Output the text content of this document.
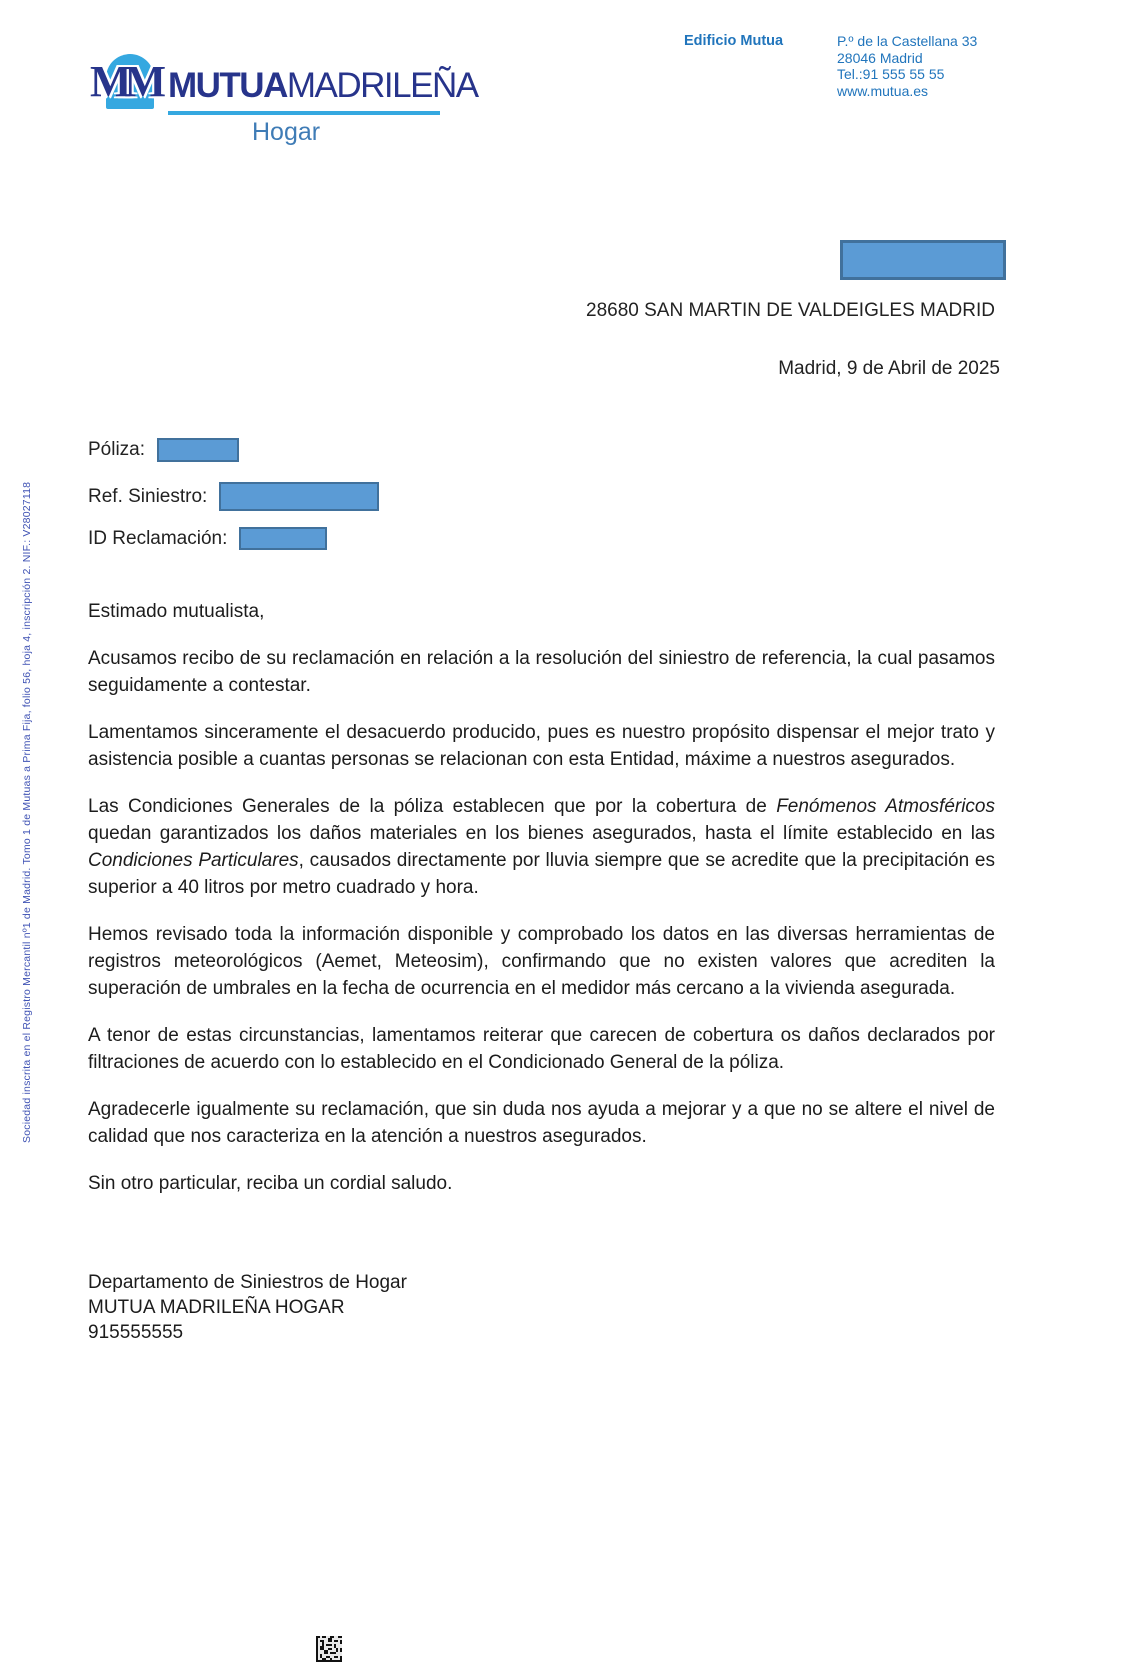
Sociedad inscrita en el Registro Mercantil nº1 de Madrid. Tomo 1 de Mutuas a Prima Fija, folio 56, hoja 4, inscripción 2. NIF.: V28027118
MM MUTUAMADRILEÑA
Hogar
Edificio Mutua	P.º de la Castellana 33
28046 Madrid
Tel.:91 555 55 55
www.mutua.es
28680 SAN MARTIN DE VALDEIGLES MADRID
Madrid, 9 de Abril de 2025
Póliza:
Ref. Siniestro:
ID Reclamación:

Estimado mutualista,

Acusamos recibo de su reclamación en relación a la resolución del siniestro de referencia, la cual pasamos seguidamente a contestar.

Lamentamos sinceramente el desacuerdo producido, pues es nuestro propósito dispensar el mejor trato y asistencia posible a cuantas personas se relacionan con esta Entidad, máxime a nuestros asegurados.

Las Condiciones Generales de la póliza establecen que por la cobertura de Fenómenos Atmosféricos quedan garantizados los daños materiales en los bienes asegurados, hasta el límite establecido en las Condiciones Particulares, causados directamente por lluvia siempre que se acredite que la precipitación es superior a 40 litros por metro cuadrado y hora.

Hemos revisado toda la información disponible y comprobado los datos en las diversas herramientas de registros meteorológicos (Aemet, Meteosim), confirmando que no existen valores que acrediten la superación de umbrales en la fecha de ocurrencia en el medidor más cercano a la vivienda asegurada.

A tenor de estas circunstancias, lamentamos reiterar que carecen de cobertura os daños declarados por filtraciones de acuerdo con lo establecido en el Condicionado General de la póliza.

Agradecerle igualmente su reclamación, que sin duda nos ayuda a mejorar y a que no se altere el nivel de calidad que nos caracteriza en la atención a nuestros asegurados.

Sin otro particular, reciba un cordial saludo.

Departamento de Siniestros de Hogar
MUTUA MADRILEÑA HOGAR
915555555
